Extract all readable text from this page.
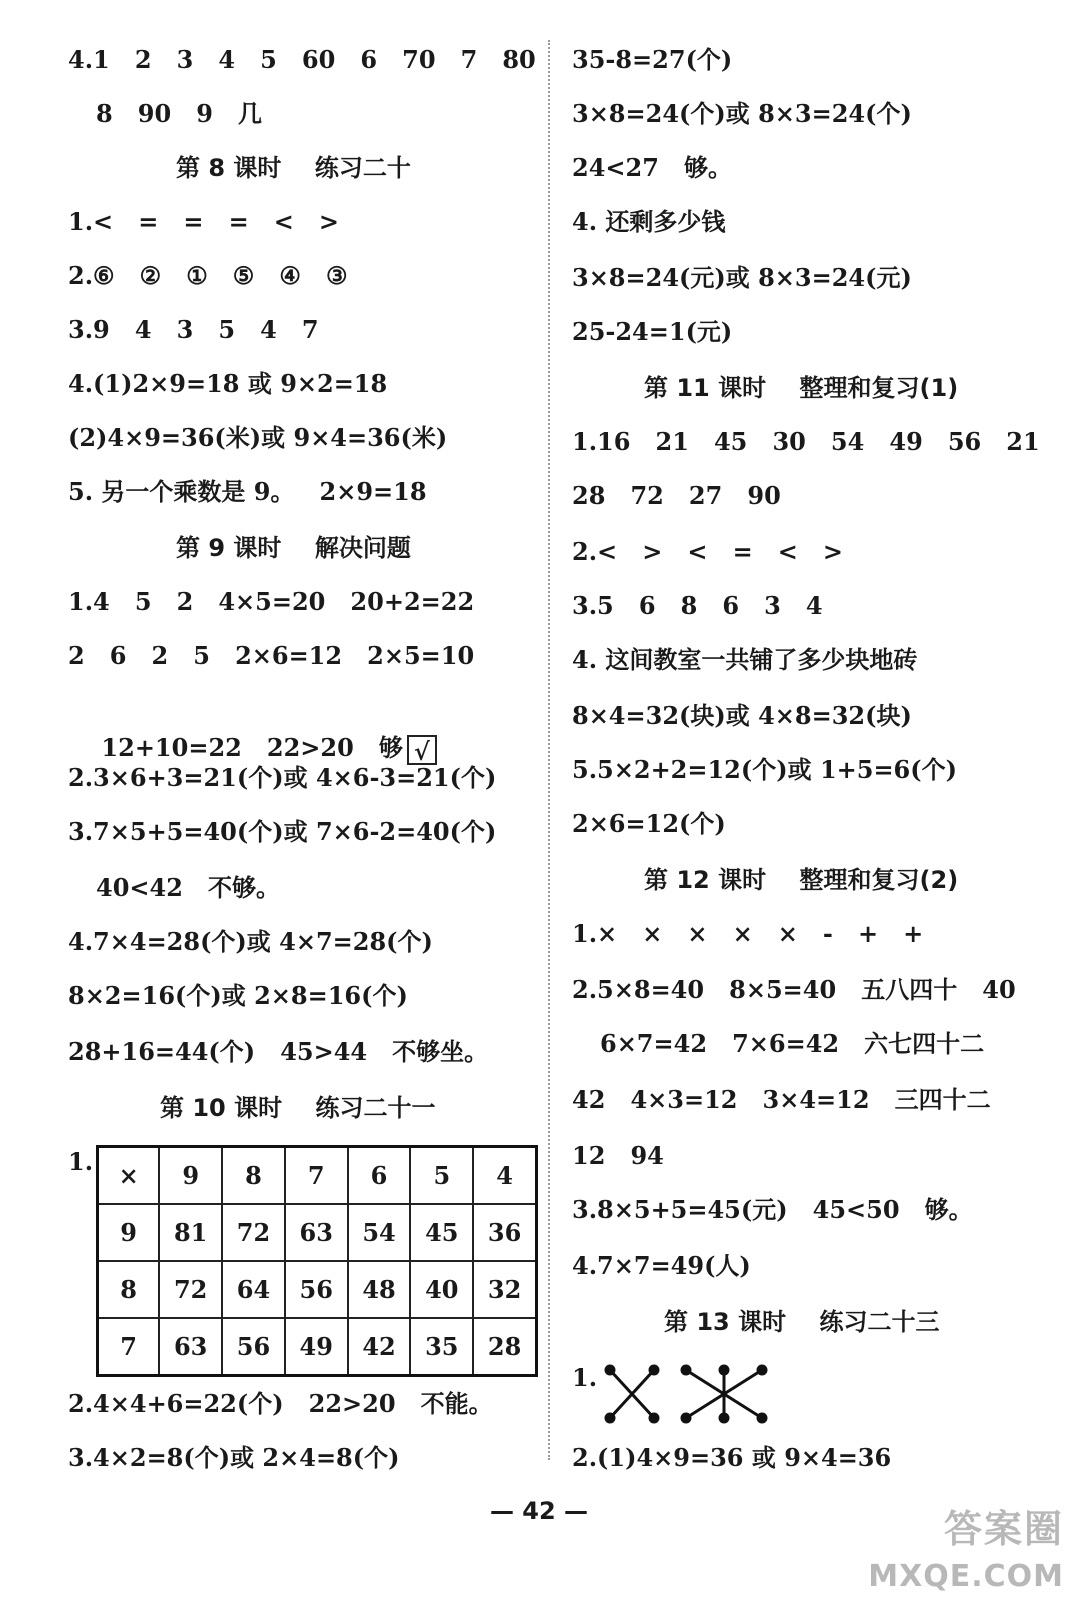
4.1   2   3   4   5   60   6   70   7   80
8   90   9   几
第 8 课时    练习二十
1.<   =   =   =   <   >
2.⑥   ②   ①   ⑤   ④   ③
3.9   4   3   5   4   7
4.(1)2×9=18 或 9×2=18
(2)4×9=36(米)或 9×4=36(米)
5. 另一个乘数是 9。   2×9=18
第 9 课时    解决问题
1.4   5   2   4×5=20   20+2=22
2   6   2   5   2×6=12   2×5=10

12+10=22   22>20   够 √

2.3×6+3=21(个)或 4×6-3=21(个)
3.7×5+5=40(个)或 7×6-2=40(个)
40<42   不够。
4.7×4=28(个)或 4×7=28(个)
8×2=16(个)或 2×8=16(个)
28+16=44(个)   45>44   不够坐。
第 10 课时    练习二十一
1. ×	9	8	7	6	5	4
9	81	72	63	54	45	36
8	72	64	56	48	40	32
7	63	56	49	42	35	28
2.4×4+6=22(个)   22>20   不能。
3.4×2=8(个)或 2×4=8(个)
35-8=27(个)
3×8=24(个)或 8×3=24(个)
24<27   够。
4. 还剩多少钱
3×8=24(元)或 8×3=24(元)
25-24=1(元)
第 11 课时    整理和复习(1)
1.16   21   45   30   54   49   56   21
28   72   27   90
2.<   >   <   =   <   >
3.5   6   8   6   3   4
4. 这间教室一共铺了多少块地砖
8×4=32(块)或 4×8=32(块)
5.5×2+2=12(个)或 1+5=6(个)
2×6=12(个)
第 12 课时    整理和复习(2)
1.×   ×   ×   ×   ×   -   +   +
2.5×8=40   8×5=40   五八四十   40
6×7=42   7×6=42   六七四十二
42   4×3=12   3×4=12   三四十二
12   94
3.8×5+5=45(元)   45<50   够。
4.7×7=49(人)
第 13 课时    练习二十三
1.
2.(1)4×9=36 或 9×4=36
— 42 —	答案圈
MXQE.COM
